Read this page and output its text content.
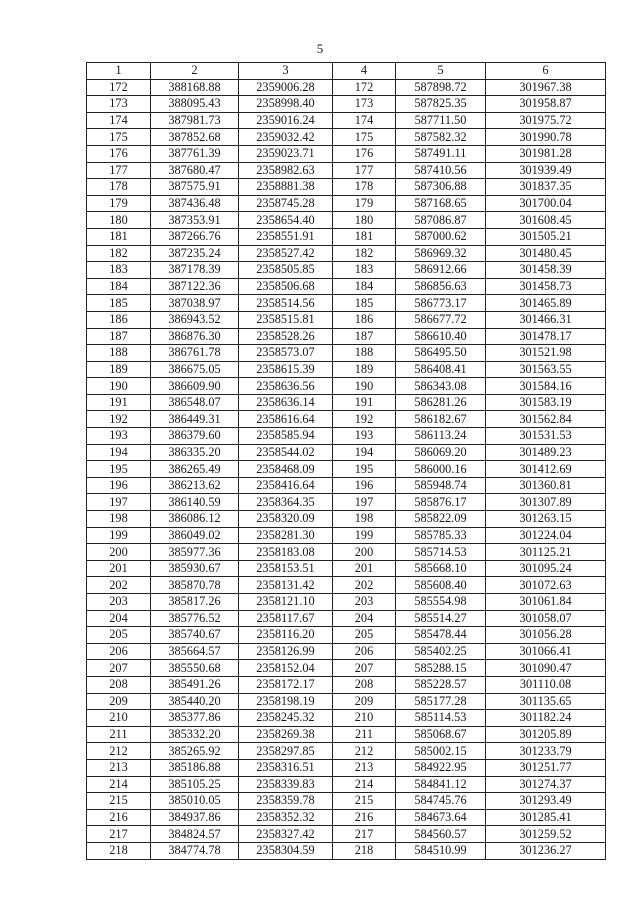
5
1	2	3	4	5	6
172	388168.88	2359006.28	172	587898.72	301967.38
173	388095.43	2358998.40	173	587825.35	301958.87
174	387981.73	2359016.24	174	587711.50	301975.72
175	387852.68	2359032.42	175	587582.32	301990.78
176	387761.39	2359023.71	176	587491.11	301981.28
177	387680.47	2358982.63	177	587410.56	301939.49
178	387575.91	2358881.38	178	587306.88	301837.35
179	387436.48	2358745.28	179	587168.65	301700.04
180	387353.91	2358654.40	180	587086.87	301608.45
181	387266.76	2358551.91	181	587000.62	301505.21
182	387235.24	2358527.42	182	586969.32	301480.45
183	387178.39	2358505.85	183	586912.66	301458.39
184	387122.36	2358506.68	184	586856.63	301458.73
185	387038.97	2358514.56	185	586773.17	301465.89
186	386943.52	2358515.81	186	586677.72	301466.31
187	386876.30	2358528.26	187	586610.40	301478.17
188	386761.78	2358573.07	188	586495.50	301521.98
189	386675.05	2358615.39	189	586408.41	301563.55
190	386609.90	2358636.56	190	586343.08	301584.16
191	386548.07	2358636.14	191	586281.26	301583.19
192	386449.31	2358616.64	192	586182.67	301562.84
193	386379.60	2358585.94	193	586113.24	301531.53
194	386335.20	2358544.02	194	586069.20	301489.23
195	386265.49	2358468.09	195	586000.16	301412.69
196	386213.62	2358416.64	196	585948.74	301360.81
197	386140.59	2358364.35	197	585876.17	301307.89
198	386086.12	2358320.09	198	585822.09	301263.15
199	386049.02	2358281.30	199	585785.33	301224.04
200	385977.36	2358183.08	200	585714.53	301125.21
201	385930.67	2358153.51	201	585668.10	301095.24
202	385870.78	2358131.42	202	585608.40	301072.63
203	385817.26	2358121.10	203	585554.98	301061.84
204	385776.52	2358117.67	204	585514.27	301058.07
205	385740.67	2358116.20	205	585478.44	301056.28
206	385664.57	2358126.99	206	585402.25	301066.41
207	385550.68	2358152.04	207	585288.15	301090.47
208	385491.26	2358172.17	208	585228.57	301110.08
209	385440.20	2358198.19	209	585177.28	301135.65
210	385377.86	2358245.32	210	585114.53	301182.24
211	385332.20	2358269.38	211	585068.67	301205.89
212	385265.92	2358297.85	212	585002.15	301233.79
213	385186.88	2358316.51	213	584922.95	301251.77
214	385105.25	2358339.83	214	584841.12	301274.37
215	385010.05	2358359.78	215	584745.76	301293.49
216	384937.86	2358352.32	216	584673.64	301285.41
217	384824.57	2358327.42	217	584560.57	301259.52
218	384774.78	2358304.59	218	584510.99	301236.27
